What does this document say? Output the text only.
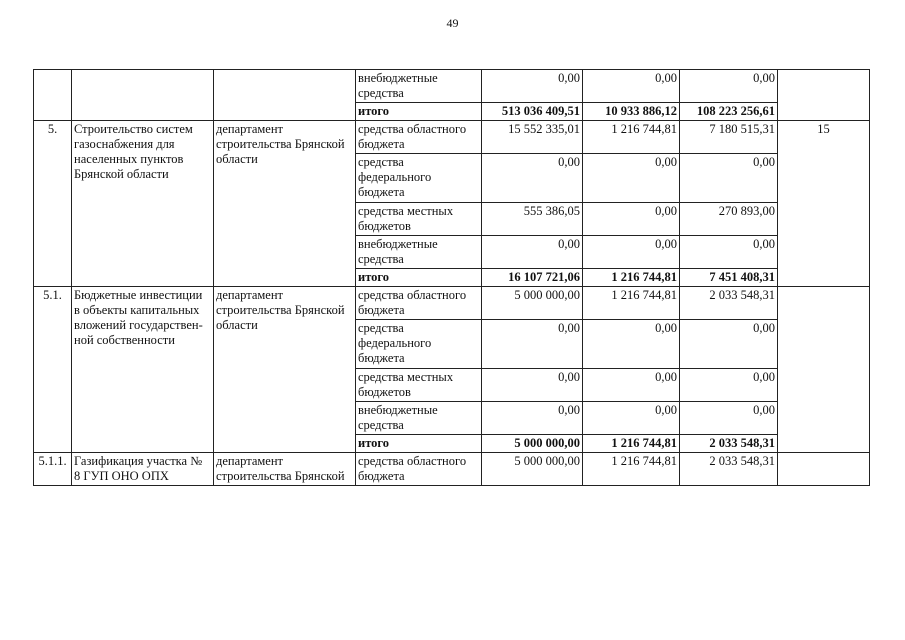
49
			внебюджетные средства	0,00	0,00	0,00	
			итого	513 036 409,51	10 933 886,12	108 223 256,61	
5.	Строительство систем газоснабжения для населенных пунктов Брянской области	департамент строительства Брянской области	средства областного бюджета	15 552 335,01	1 216 744,81	7 180 515,31	15
			средства федерального бюджета	0,00	0,00	0,00	
			средства местных бюджетов	555 386,05	0,00	270 893,00	
			внебюджетные средства	0,00	0,00	0,00	
			итого	16 107 721,06	1 216 744,81	7 451 408,31	
5.1.	Бюджетные инвестиции в объекты капитальных вложений государствен-ной собственности	департамент строительства Брянской области	средства областного бюджета	5 000 000,00	1 216 744,81	2 033 548,31	
			средства федерального бюджета	0,00	0,00	0,00	
			средства местных бюджетов	0,00	0,00	0,00	
			внебюджетные средства	0,00	0,00	0,00	
			итого	5 000 000,00	1 216 744,81	2 033 548,31	
5.1.1.	Газификация участка № 8 ГУП ОНО ОПХ	департамент строительства Брянской	средства областного бюджета	5 000 000,00	1 216 744,81	2 033 548,31	
